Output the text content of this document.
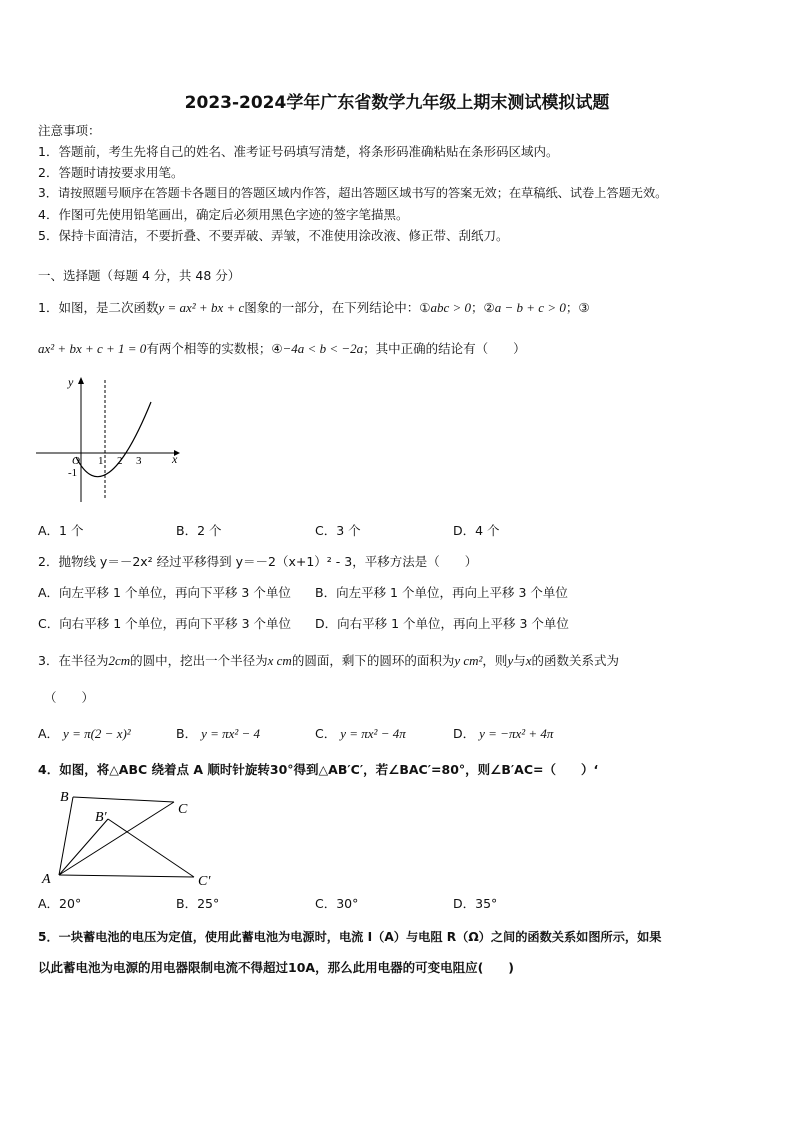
2023-2024学年广东省数学九年级上期末测试模拟试题
注意事项：
1．答题前，考生先将自己的姓名、准考证号码填写清楚，将条形码准确粘贴在条形码区域内。
2．答题时请按要求用笔。
3．请按照题号顺序在答题卡各题目的答题区域内作答，超出答题区域书写的答案无效；在草稿纸、试卷上答题无效。
4．作图可先使用铅笔画出，确定后必须用黑色字迹的签字笔描黑。
5．保持卡面清洁，不要折叠、不要弄破、弄皱，不准使用涂改液、修正带、刮纸刀。
一、选择题（每题 4 分，共 48 分）
1．如图，是二次函数y = ax² + bx + c图象的一部分，在下列结论中：①abc > 0；②a − b + c > 0；③
ax² + bx + c + 1 = 0有两个相等的实数根；④−4a < b < −2a；其中正确的结论有（　　）
y
x
O 1 2 3
-1
A．1 个	B．2 个	C．3 个	D．4 个
2．抛物线 y＝－2x² 经过平移得到 y＝－2（x+1）² - 3，平移方法是（　　）
A．向左平移 1 个单位，再向下平移 3 个单位 B．向左平移 1 个单位，再向上平移 3 个单位
C．向右平移 1 个单位，再向下平移 3 个单位 D．向右平移 1 个单位，再向上平移 3 个单位
3．在半径为2cm的圆中，挖出一个半径为x cm的圆面，剩下的圆环的面积为y cm²，则y与x的函数关系式为
（　　）
A． y = π(2 − x)²	B． y = πx² − 4	C． y = πx² − 4π	D． y = −πx² + 4π
4．如图，将△ABC 绕着点 A 顺时针旋转30°得到△AB′C′，若∠BAC′=80°，则∠B′AC=（　　）‘
A
B
B′
C
C′
A．20°	B．25°	C．30°	D．35°
5．一块蓄电池的电压为定值，使用此蓄电池为电源时，电流 I（A）与电阻 R（Ω）之间的函数关系如图所示，如果
以此蓄电池为电源的用电器限制电流不得超过10A，那么此用电器的可变电阻应(　　)
